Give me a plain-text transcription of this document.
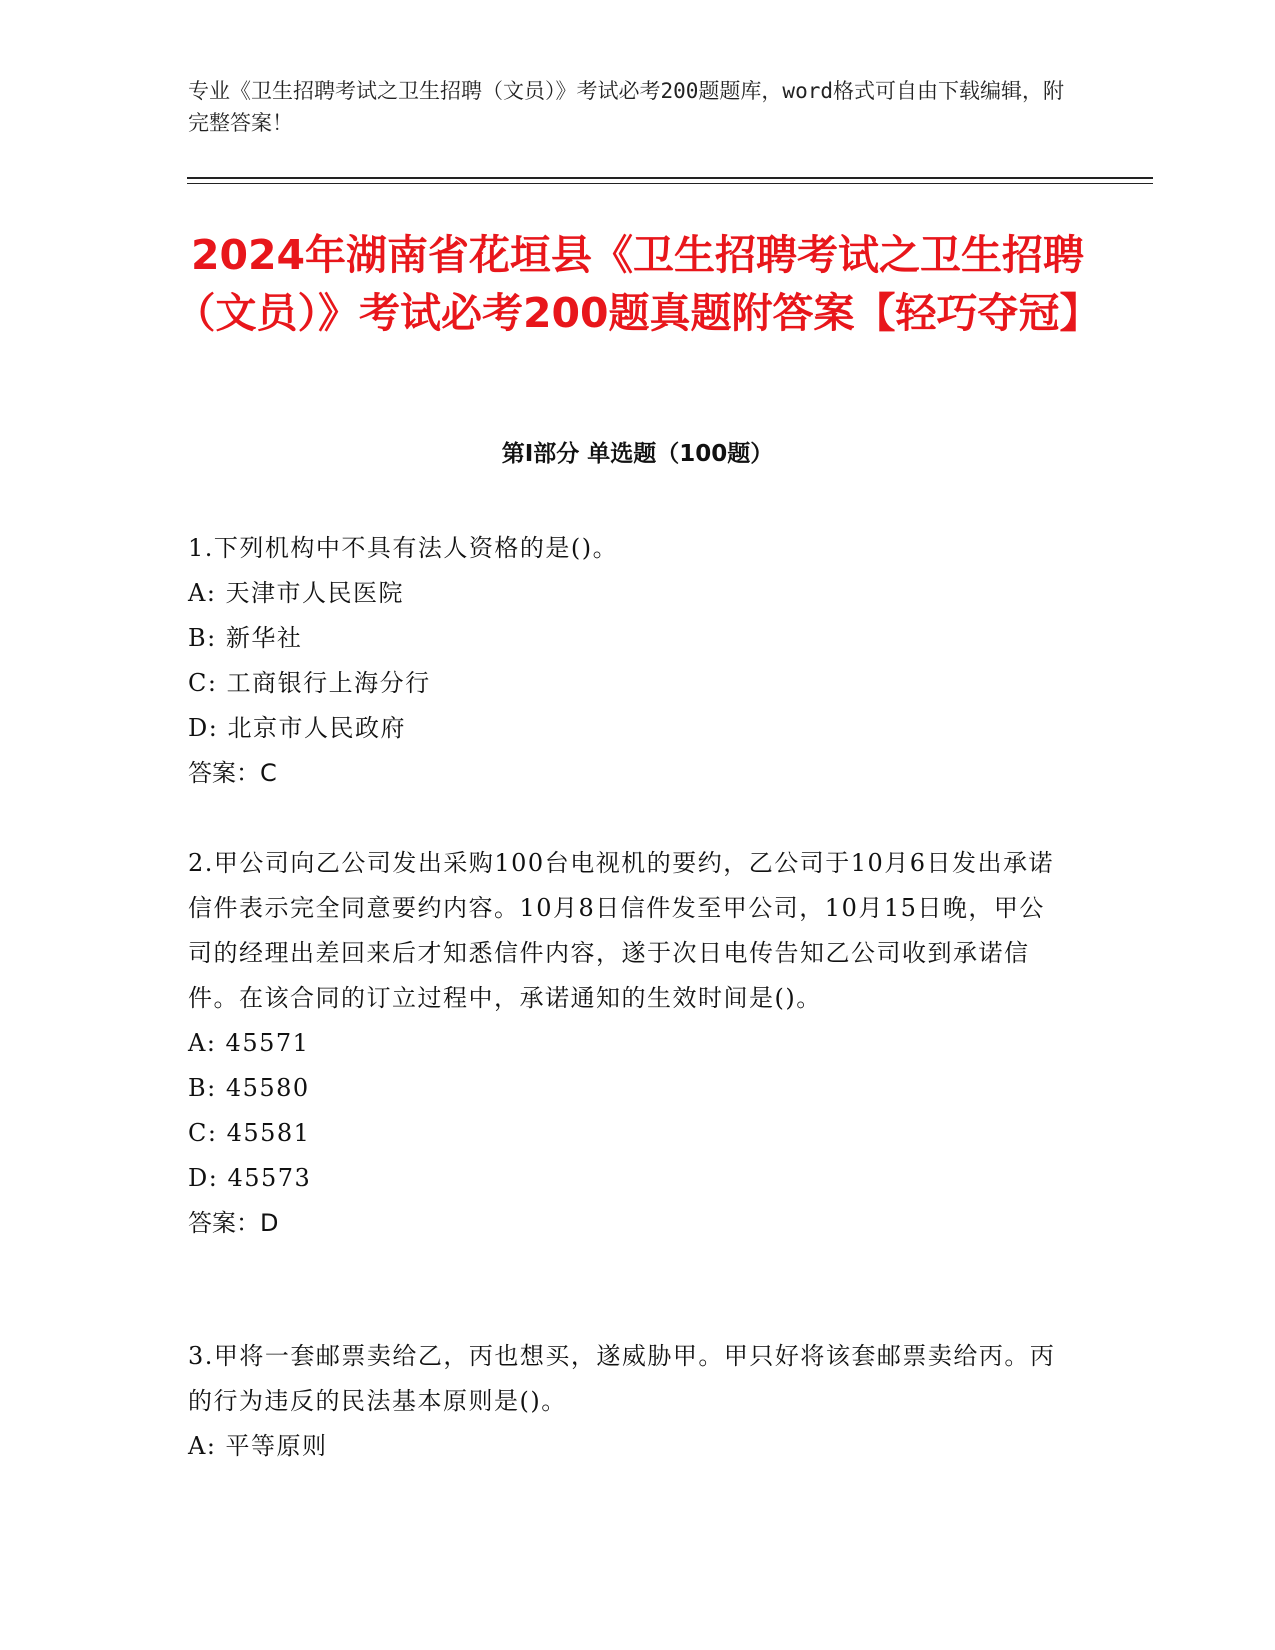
专业《卫生招聘考试之卫生招聘（文员）》考试必考200题题库，word格式可自由下载编辑，附完整答案！
2024年湖南省花垣县《卫生招聘考试之卫生招聘（文员）》考试必考200题真题附答案【轻巧夺冠】
第I部分 单选题（100题）

1.下列机构中不具有法人资格的是()。

A: 天津市人民医院

B: 新华社

C: 工商银行上海分行

D: 北京市人民政府

答案：C

2.甲公司向乙公司发出采购100台电视机的要约，乙公司于10月6日发出承诺信件表示完全同意要约内容。10月8日信件发至甲公司，10月15日晚，甲公司的经理出差回来后才知悉信件内容，遂于次日电传告知乙公司收到承诺信件。在该合同的订立过程中，承诺通知的生效时间是()。

A: 45571

B: 45580

C: 45581

D: 45573

答案：D

3.甲将一套邮票卖给乙，丙也想买，遂威胁甲。甲只好将该套邮票卖给丙。丙的行为违反的民法基本原则是()。

A: 平等原则
